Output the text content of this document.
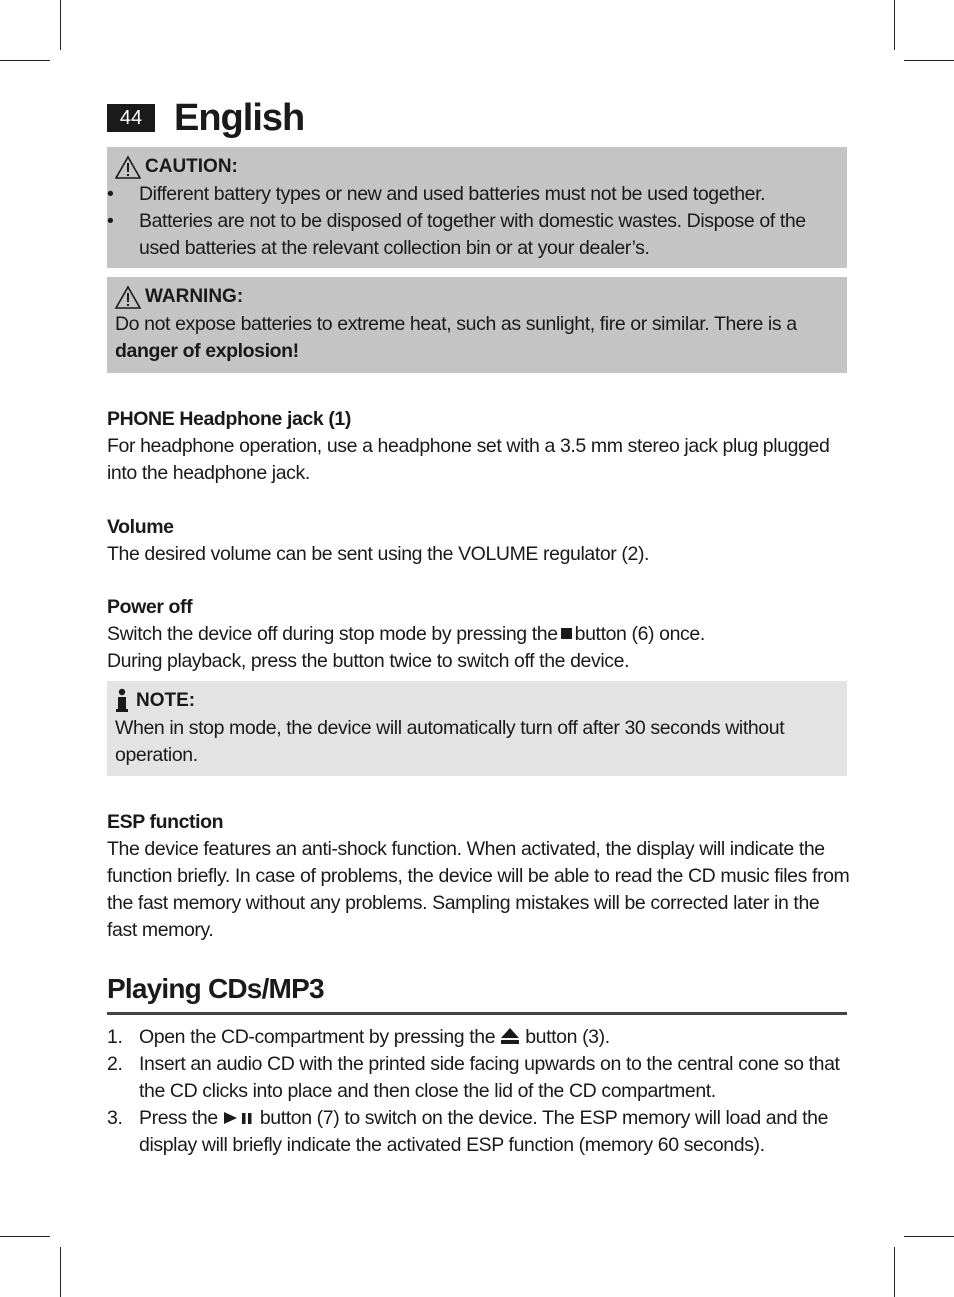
44 English
CAUTION:
• Different battery types or new and used batteries must not be used together.
• Batteries are not to be disposed of together with domestic wastes. Dispose of the used batteries at the relevant collection bin or at your dealer’s.
WARNING:
Do not expose batteries to extreme heat, such as sunlight, fire or similar. There is a danger of explosion!
PHONE Headphone jack (1)

For headphone operation, use a headphone set with a 3.5 mm stereo jack plug plugged into the headphone jack.

Volume

The desired volume can be sent using the VOLUME regulator (2).

Power off

Switch the device off during stop mode by pressing the button (6) once.

During playback, press the button twice to switch off the device.

NOTE:
When in stop mode, the device will automatically turn off after 30 seconds without operation.
ESP function

The device features an anti-shock function. When activated, the display will indicate the function briefly. In case of problems, the device will be able to read the CD music files from the fast memory without any problems. Sampling mistakes will be corrected later in the fast memory.

Playing CDs/MP3
1. Open the CD-compartment by pressing the button (3).
2. Insert an audio CD with the printed side facing upwards on to the central cone so that the CD clicks into place and then close the lid of the CD compartment.
3. Press the button (7) to switch on the device. The ESP memory will load and the display will briefly indicate the activated ESP function (memory 60 seconds).
